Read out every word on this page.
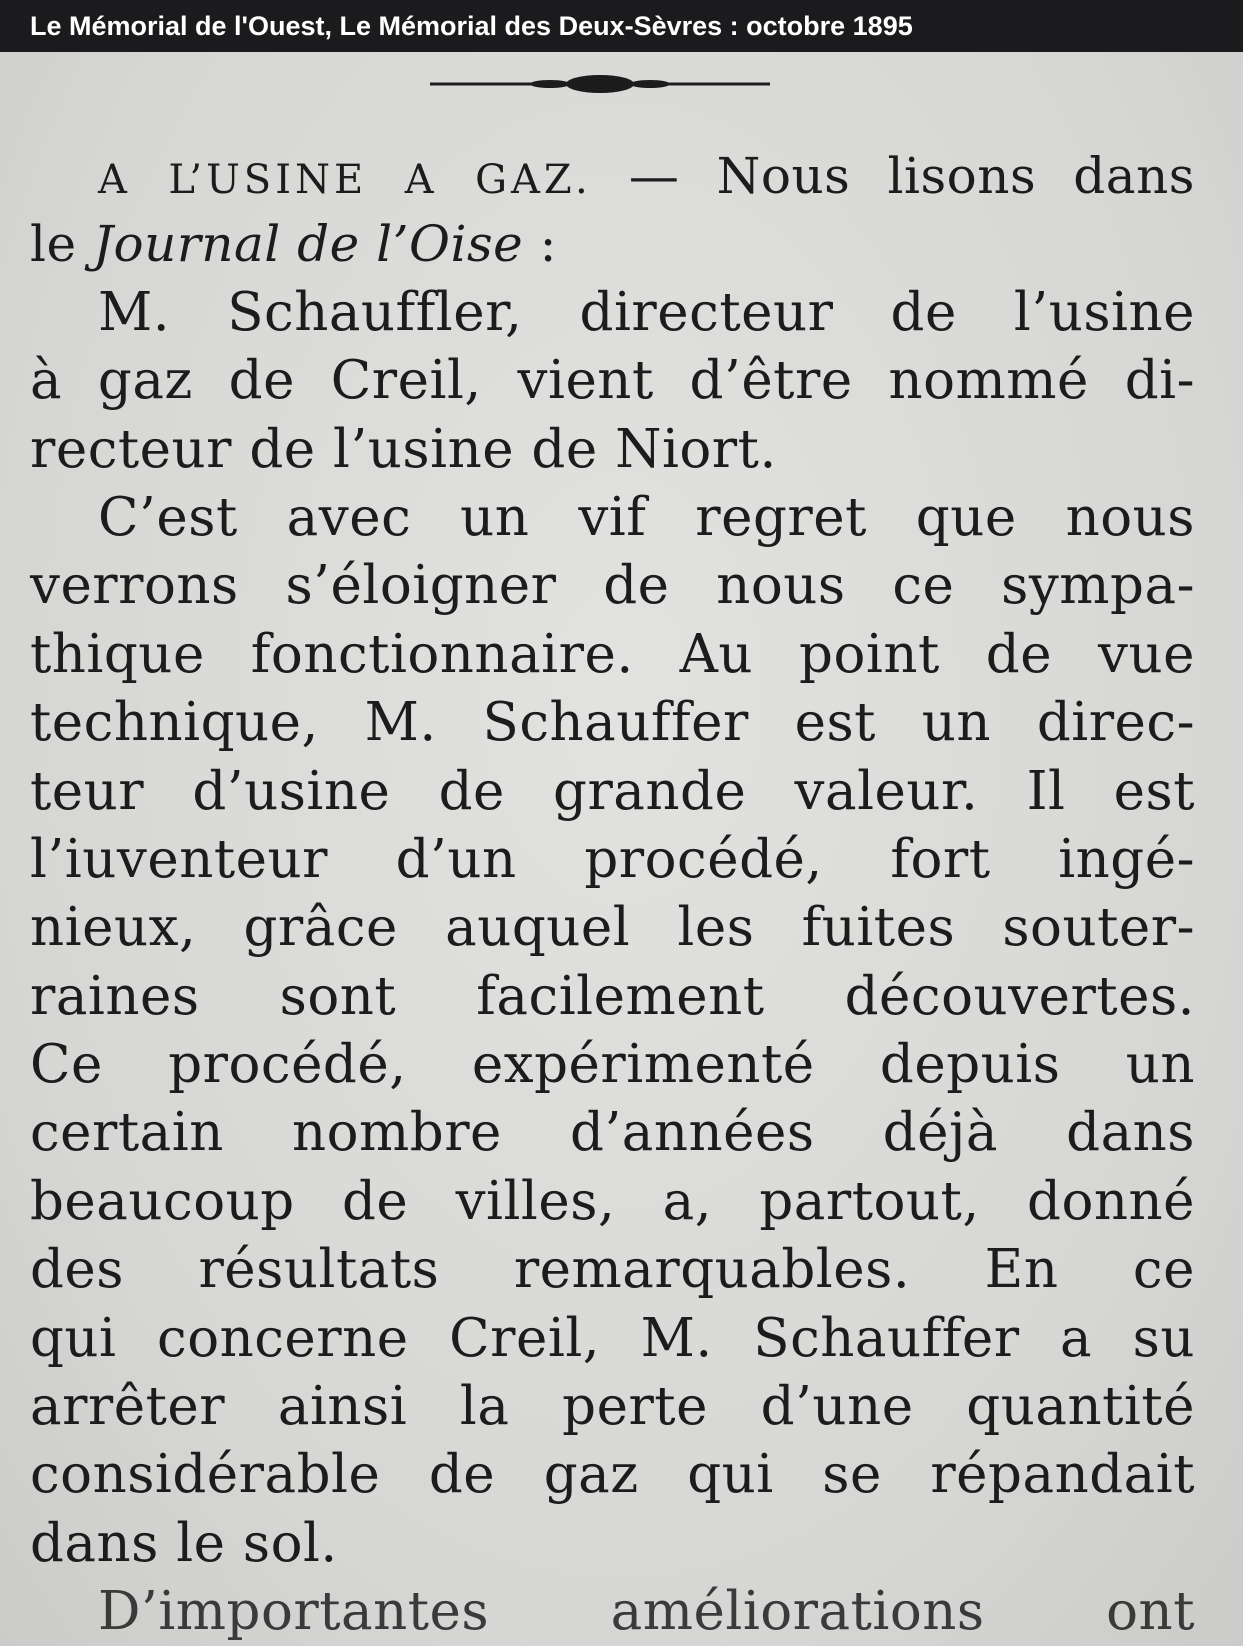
Le Mémorial de l'Ouest, Le Mémorial des Deux-Sèvres : octobre 1895
A L’USINE A GAZ. — Nous lisons dans
le Journal de l’Oise :
M. Schauffler, directeur de l’usine
à gaz de Creil, vient d’être nommé di-
recteur de l’usine de Niort.
C’est avec un vif regret que nous
verrons s’éloigner de nous ce sympa-
thique fonctionnaire. Au point de vue
technique, M. Schauffer est un direc-
teur d’usine de grande valeur. Il est
l’iuventeur d’un procédé, fort ingé-
nieux, grâce auquel les fuites souter-
raines sont facilement découvertes.
Ce procédé, expérimenté depuis un
certain nombre d’années déjà dans
beaucoup de villes, a, partout, donné
des résultats remarquables. En ce
qui concerne Creil, M. Schauffer a su
arrêter ainsi la perte d’une quantité
considérable de gaz qui se répandait
dans le sol.
D’importantes améliorations ont
